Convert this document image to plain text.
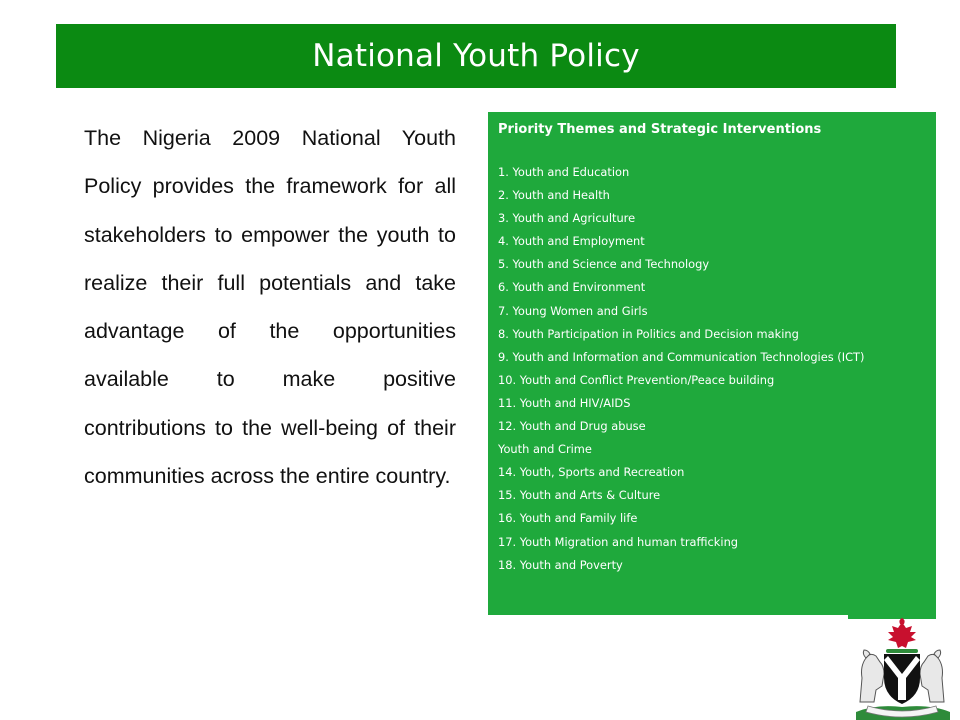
National Youth Policy

The Nigeria 2009 National Youth Policy provides the framework for all stakeholders to empower the youth to realize their full potentials and take advantage of the opportunities available to make positive

contributions to the well-being of their communities across the entire country.

Priority Themes and Strategic Interventions
1. Youth and Education
2. Youth and Health
3. Youth and Agriculture
4. Youth and Employment
5. Youth and Science and Technology
6. Youth and Environment
7. Young Women and Girls
8. Youth Participation in Politics and Decision making
9. Youth and Information and Communication Technologies (ICT)
10. Youth and Conflict Prevention/Peace building
11. Youth and HIV/AIDS
12. Youth and Drug abuse
Youth and Crime
14. Youth, Sports and Recreation
15. Youth and Arts & Culture
16. Youth and Family life
17. Youth Migration and human trafficking
18. Youth and Poverty
